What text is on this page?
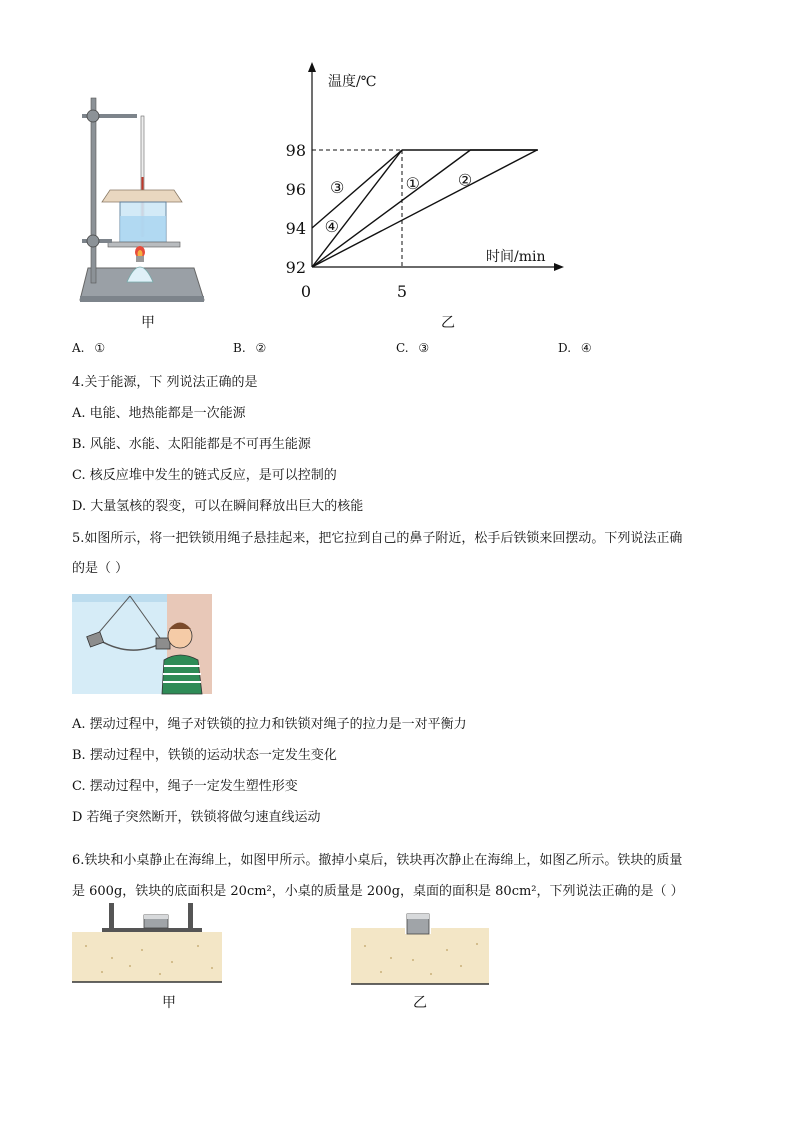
甲
温度/℃
时间/min
0
92
94
96
98
5
① ②
③
④
乙
A. ①	B. ②	C. ③	D. ④
4.关于能源，下 列说法正确的是
A. 电能、地热能都是一次能源
B. 风能、水能、太阳能都是不可再生能源
C. 核反应堆中发生的链式反应，是可以控制的
D. 大量氢核的裂变，可以在瞬间释放出巨大的核能
5.如图所示，将一把铁锁用绳子悬挂起来，把它拉到自己的鼻子附近，松手后铁锁来回摆动。下列说法正确
的是（ ）
A. 摆动过程中，绳子对铁锁的拉力和铁锁对绳子的拉力是一对平衡力
B. 摆动过程中，铁锁的运动状态一定发生变化
C. 摆动过程中，绳子一定发生塑性形变
D 若绳子突然断开，铁锁将做匀速直线运动
6.铁块和小桌静止在海绵上，如图甲所示。撤掉小桌后，铁块再次静止在海绵上，如图乙所示。铁块的质量
是 600g，铁块的底面积是 20cm²，小桌的质量是 200g，桌面的面积是 80cm²，下列说法正确的是（ ）
甲	乙
